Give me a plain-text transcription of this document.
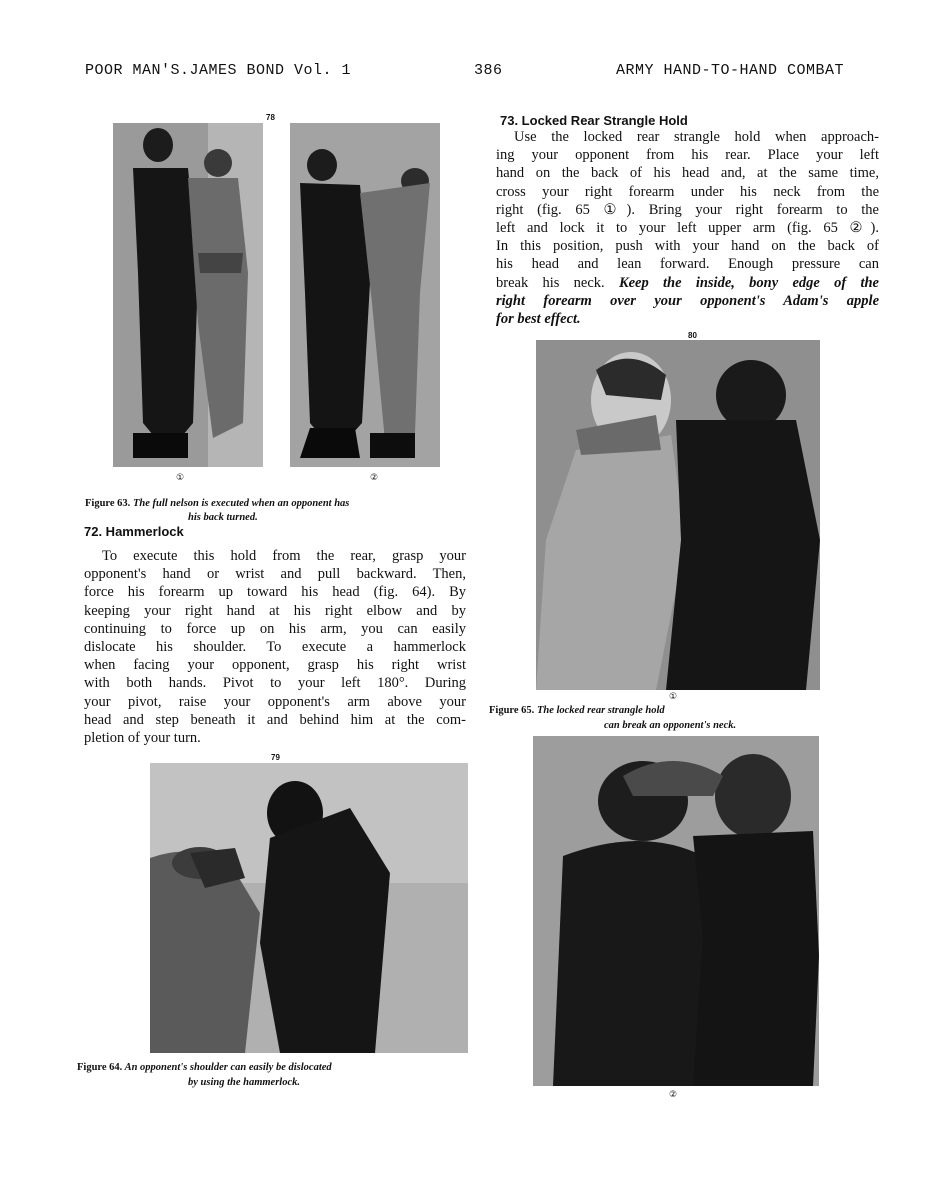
POOR MAN'S.JAMES BOND Vol. 1	386	ARMY HAND-TO-HAND COMBAT
78
①	②
Figure 63. The full nelson is executed when an opponent has
his back turned.
72. Hammerlock
To execute this hold from the rear, grasp your
opponent's hand or wrist and pull backward. Then,
force his forearm up toward his head (fig. 64). By
keeping your right hand at his right elbow and by
continuing to force up on his arm, you can easily
dislocate his shoulder. To execute a hammerlock
when facing your opponent, grasp his right wrist
with both hands. Pivot to your left 180°. During
your pivot, raise your opponent's arm above your
head and step beneath it and behind him at the com-
pletion of your turn.
79
Figure 64. An opponent's shoulder can easily be dislocated
by using the hammerlock.
73. Locked Rear Strangle Hold
Use the locked rear strangle hold when approach-
ing your opponent from his rear. Place your left
hand on the back of his head and, at the same time,
cross your right forearm under his neck from the
right (fig. 65 ①). Bring your right forearm to the
left and lock it to your left upper arm (fig. 65 ②).
In this position, push with your hand on the back of
his head and lean forward. Enough pressure can
break his neck. Keep the inside, bony edge of the
right forearm over your opponent's Adam's apple
for best effect.
80
①
Figure 65. The locked rear strangle hold
can break an opponent's neck.
②
